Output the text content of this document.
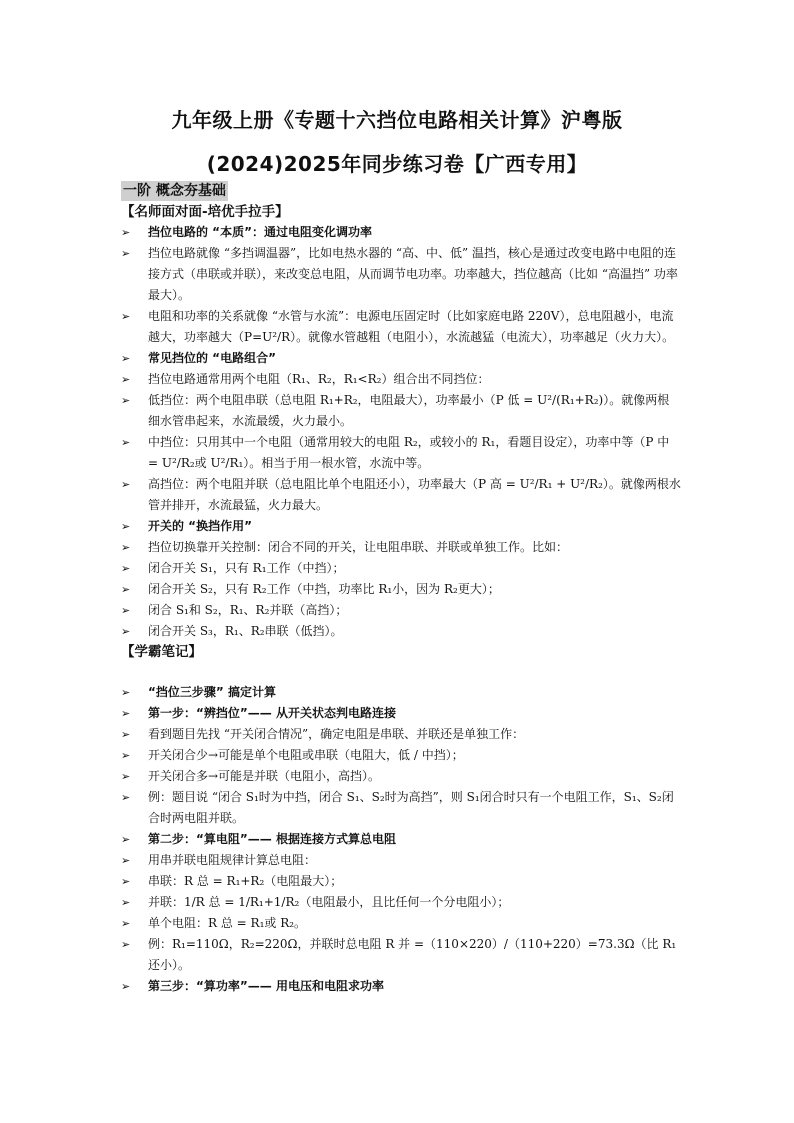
九年级上册《专题十六挡位电路相关计算》沪粤版
(2024)2025年同步练习卷【广西专用】
一阶 概念夯基础

【名师面对面-培优手拉手】

➢ 挡位电路的 “本质”：通过电阻变化调功率
➢ 挡位电路就像 “多挡调温器”，比如电热水器的 “高、中、低” 温挡，核心是通过改变电路中电阻的连接方式（串联或并联），来改变总电阻，从而调节电功率。功率越大，挡位越高（比如 “高温挡” 功率最大）。
➢ 电阻和功率的关系就像 “水管与水流”：电源电压固定时（比如家庭电路 220V），总电阻越小，电流越大，功率越大（P=U²/R）。就像水管越粗（电阻小），水流越猛（电流大），功率越足（火力大）。
➢ 常见挡位的 “电路组合”
➢ 挡位电路通常用两个电阻（R₁、R₂，R₁<R₂）组合出不同挡位：
➢ 低挡位：两个电阻串联（总电阻 R₁+R₂，电阻最大），功率最小（P 低 = U²/(R₁+R₂)）。就像两根细水管串起来，水流最缓，火力最小。
➢ 中挡位：只用其中一个电阻（通常用较大的电阻 R₂，或较小的 R₁，看题目设定），功率中等（P 中 = U²/R₂或 U²/R₁）。相当于用一根水管，水流中等。
➢ 高挡位：两个电阻并联（总电阻比单个电阻还小），功率最大（P 高 = U²/R₁ + U²/R₂）。就像两根水管并排开，水流最猛，火力最大。
➢ 开关的 “换挡作用”
➢ 挡位切换靠开关控制：闭合不同的开关，让电阻串联、并联或单独工作。比如：
➢ 闭合开关 S₁，只有 R₁工作（中挡）；
➢ 闭合开关 S₂，只有 R₂工作（中挡，功率比 R₁小，因为 R₂更大）；
➢ 闭合 S₁和 S₂，R₁、R₂并联（高挡）；
➢ 闭合开关 S₃，R₁、R₂串联（低挡）。

【学霸笔记】

➢ “挡位三步骤” 搞定计算
➢ 第一步：“辨挡位”—— 从开关状态判电路连接
➢ 看到题目先找 “开关闭合情况”，确定电阻是串联、并联还是单独工作：
➢ 开关闭合少→可能是单个电阻或串联（电阻大，低 / 中挡）；
➢ 开关闭合多→可能是并联（电阻小，高挡）。
➢ 例：题目说 “闭合 S₁时为中挡，闭合 S₁、S₂时为高挡”，则 S₁闭合时只有一个电阻工作，S₁、S₂闭合时两电阻并联。
➢ 第二步：“算电阻”—— 根据连接方式算总电阻
➢ 用串并联电阻规律计算总电阻：
➢ 串联：R 总 = R₁+R₂（电阻最大）；
➢ 并联：1/R 总 = 1/R₁+1/R₂（电阻最小，且比任何一个分电阻小）；
➢ 单个电阻：R 总 = R₁或 R₂。
➢ 例：R₁=110Ω，R₂=220Ω，并联时总电阻 R 并 =（110×220）/（110+220）=73.3Ω（比 R₁还小）。
➢ 第三步：“算功率”—— 用电压和电阻求功率
